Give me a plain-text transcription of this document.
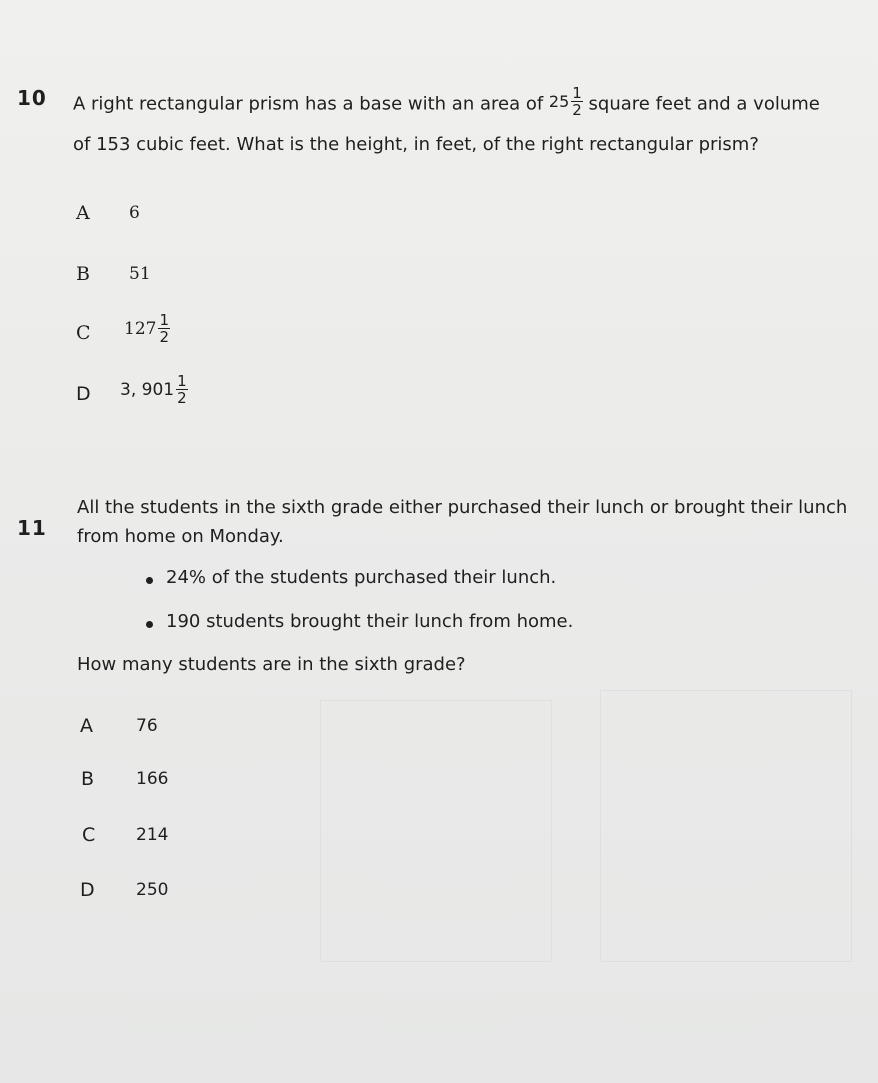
10 A right rectangular prism has a base with an area of $25 \frac{1}{2}$ square feet and a volume
of 153 cubic feet. What is the height, in feet, of the right rectangular prism?
A 6
B 51
C $127 \frac{1}{2}$
D 3, $901 \frac{1}{2}$
11
All the students in the sixth grade either purchased their lunch or brought their lunch
from home on Monday.
24% of the students purchased their lunch.
190 students brought their lunch from home.
How many students are in the sixth grade?
A	76
B 166
C 214
D 250
